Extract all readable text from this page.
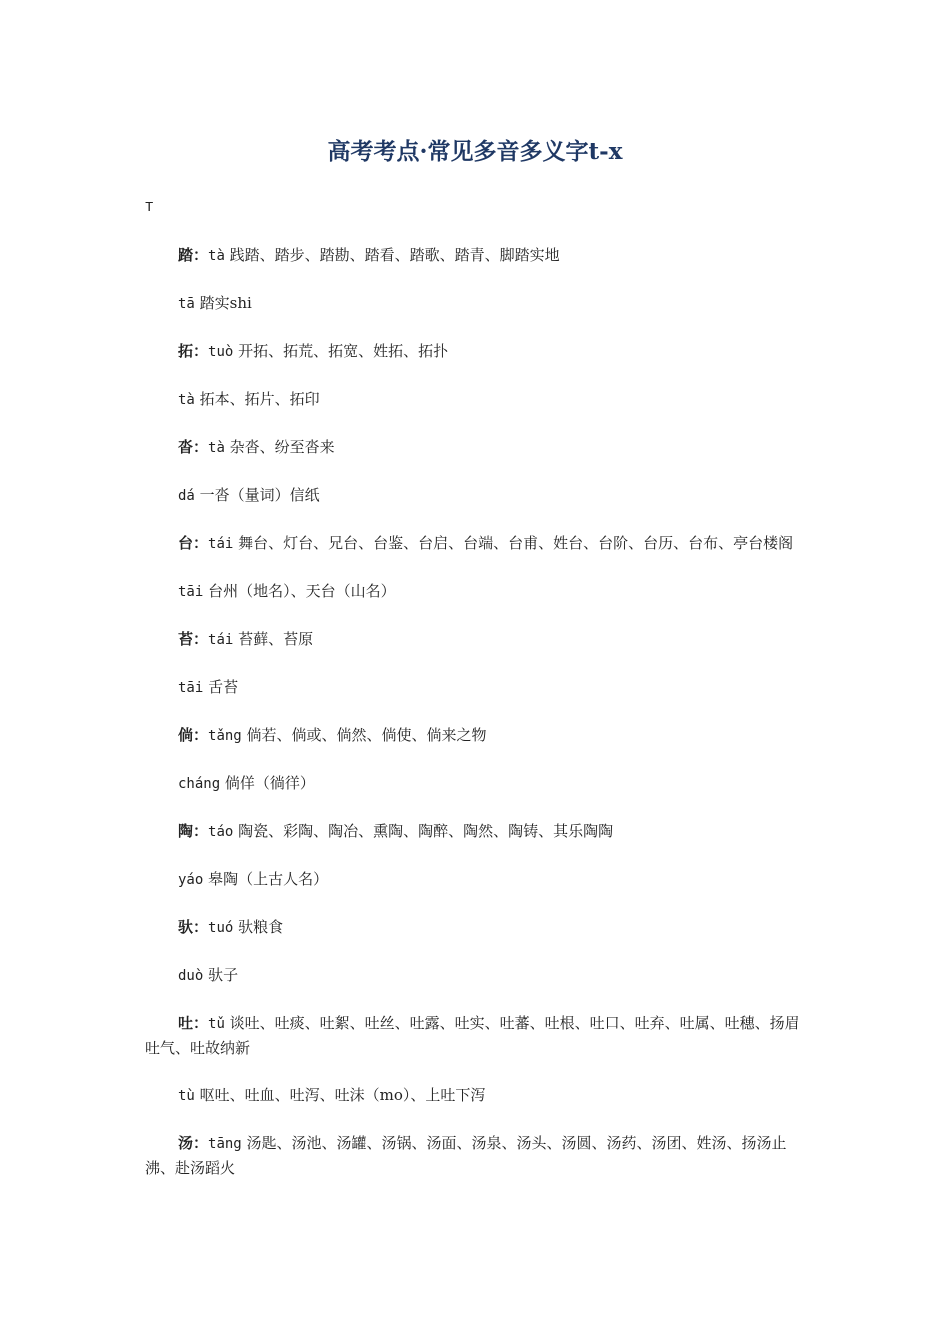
高考考点·常见多音多义字t-x

T

踏：tà 践踏、踏步、踏勘、踏看、踏歌、踏青、脚踏实地

tā 踏实shi

拓：tuò 开拓、拓荒、拓宽、姓拓、拓扑

tà 拓本、拓片、拓印

沓：tà 杂沓、纷至沓来

dá 一沓（量词）信纸

台：tái 舞台、灯台、兄台、台鉴、台启、台端、台甫、姓台、台阶、台历、台布、亭台楼阁

tāi 台州（地名）、天台（山名）

苔：tái 苔藓、苔原

tāi 舌苔

倘：tǎng 倘若、倘或、倘然、倘使、倘来之物

cháng 倘佯（徜徉）

陶：táo 陶瓷、彩陶、陶冶、熏陶、陶醉、陶然、陶铸、其乐陶陶

yáo 皋陶（上古人名）

驮：tuó 驮粮食

duò 驮子

吐：tǔ 谈吐、吐痰、吐絮、吐丝、吐露、吐实、吐蕃、吐根、吐口、吐弃、吐属、吐穗、扬眉吐气、吐故纳新

tù 呕吐、吐血、吐泻、吐沫（mo）、上吐下泻

汤：tāng 汤匙、汤池、汤罐、汤锅、汤面、汤泉、汤头、汤圆、汤药、汤团、姓汤、扬汤止沸、赴汤蹈火
